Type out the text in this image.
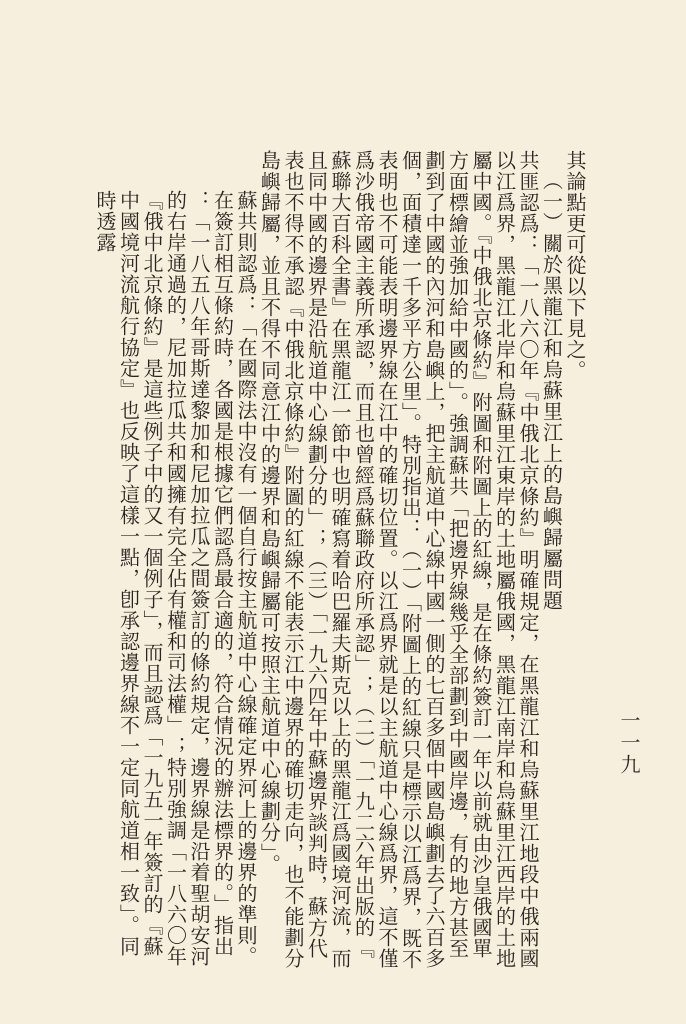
其論點更可從以下見之。

（一）關於黑龍江和烏蘇里江上的島嶼歸屬問題

共匪認爲：「一八六〇年『中俄北京條約』明確規定，在黑龍江和烏蘇里江地段中俄兩國以江爲界，黑龍江北岸和烏蘇里江東岸的土地屬俄國，黑龍江南岸和烏蘇里江西岸的土地屬中國。『中俄北京條約』附圖和附圖上的紅線，是在條約簽訂一年以前就由沙皇俄國單方面標繪並強加給中國的」。強調蘇共「把邊界線幾乎全部劃到中國岸邊，有的地方甚至劃到了中國的內河和島嶼上，把主航道中心線中國一側的七百多個中國島嶼劃去了六百多個，面積達一千多平方公里」。特別指出：（一）「附圖上的紅線只是標示以江爲界，既不表明也不可能表明邊界線在江中的確切位置。以江爲界就是以主航道中心線爲界，這不僅爲沙俄帝國主義所承認，而且也曾經爲蘇聯政府所承認」；（二）「一九二六年出版的『蘇聯大百科全書』在黑龍江一節中也明確寫着哈巴羅夫斯克以上的黑龍江爲國境河流，而且同中國的邊界是沿航道中心線劃分的」；（三）「一九六四年中蘇邊界談判時，蘇方代表也不得不承認『中俄北京條約』附圖的紅線不能表示江中邊界的確切走向，也不能劃分島嶼歸屬，並且不得不同意江中的邊界和島嶼歸屬可按照主航道中心線劃分」。

蘇共則認爲：「在國際法中沒有一個自行按主航道中心線確定界河上的邊界的準則。在簽訂相互條約時，各國是根據它們認爲最合適的，符合情況的辦法標界的。」指出：「一八五八年哥斯達黎加和尼加拉瓜之間簽訂的條約規定，邊界線是沿着聖胡安河的右岸通過的，尼加拉瓜共和國擁有完全佔有權和司法權」；特別強調「一八六〇年『俄中北京條約』是這些例子中的又一個例子」，而且認爲「一九五一年簽訂的『蘇中國境河流航行協定』也反映了這樣一點，卽承認邊界線不一定同航道相一致」。同時透露

一一九
